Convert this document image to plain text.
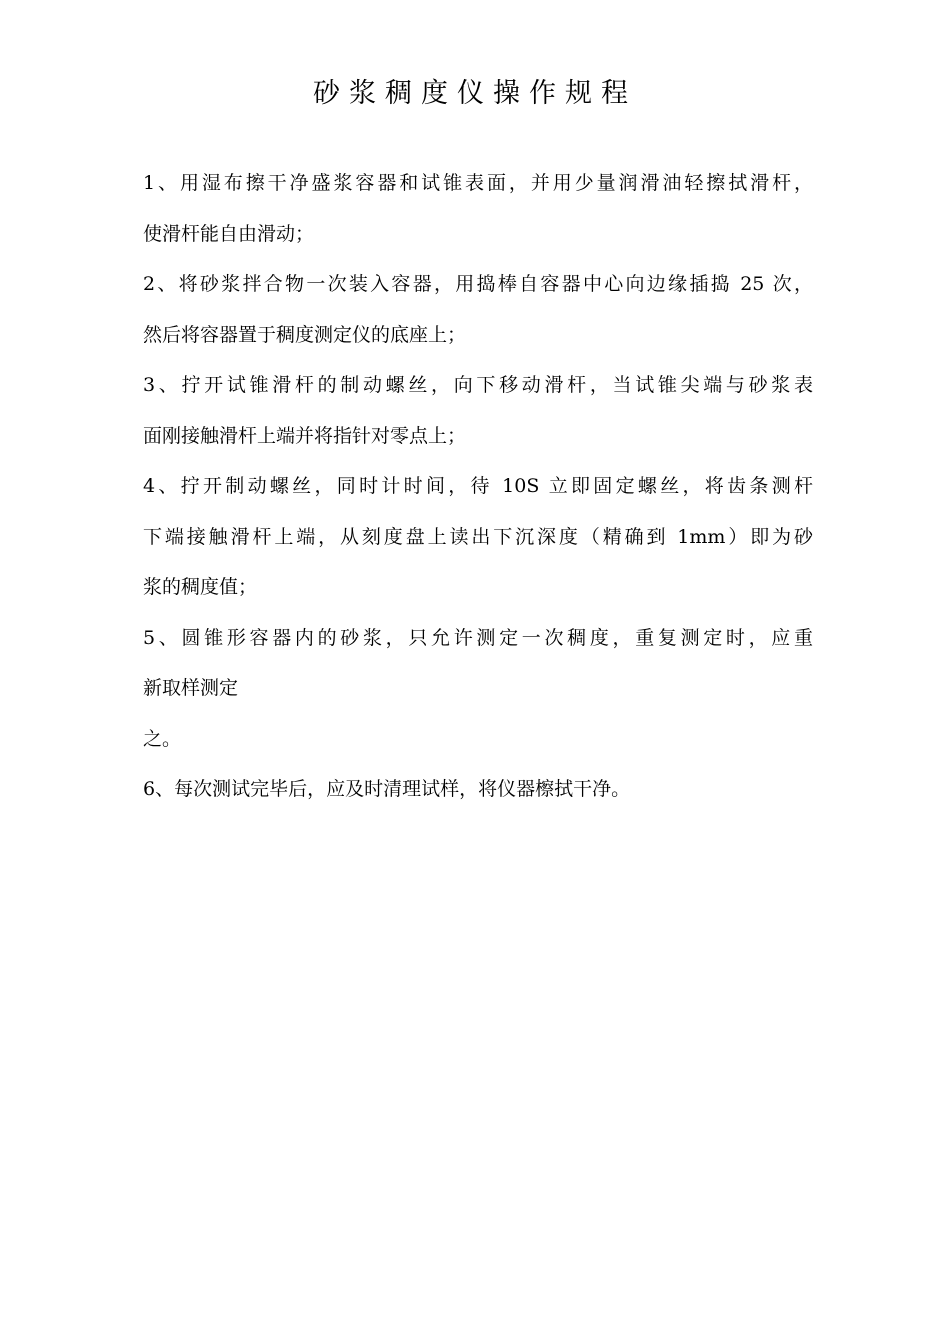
砂浆稠度仪操作规程
1、用湿布擦干净盛浆容器和试锥表面，并用少量润滑油轻擦拭滑杆，
使滑杆能自由滑动；
2、将砂浆拌合物一次装入容器，用捣棒自容器中心向边缘插捣 25 次，
然后将容器置于稠度测定仪的底座上；
3、拧开试锥滑杆的制动螺丝，向下移动滑杆，当试锥尖端与砂浆表
面刚接触滑杆上端并将指针对零点上；
4、拧开制动螺丝，同时计时间，待 10S 立即固定螺丝，将齿条测杆
下端接触滑杆上端，从刻度盘上读出下沉深度（精确到 1mm）即为砂
浆的稠度值；
5、圆锥形容器内的砂浆，只允许测定一次稠度，重复测定时，应重
新取样测定
之。
6、每次测试完毕后，应及时清理试样，将仪器檫拭干净。
